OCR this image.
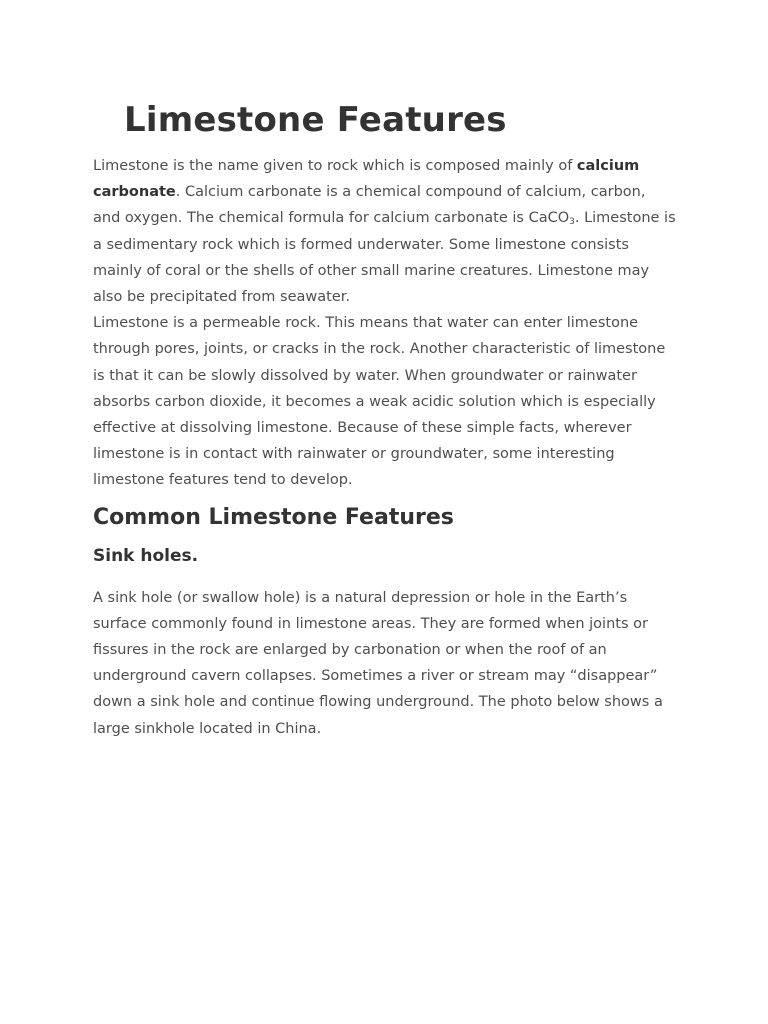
Limestone Features

Limestone is the name given to rock which is composed mainly of calcium carbonate. Calcium carbonate is a chemical compound of calcium, carbon, and oxygen. The chemical formula for calcium carbonate is CaCO$_3$. Limestone is a sedimentary rock which is formed underwater. Some limestone consists mainly of coral or the shells of other small marine creatures. Limestone may also be precipitated from seawater.

Limestone is a permeable rock. This means that water can enter limestone through pores, joints, or cracks in the rock. Another characteristic of limestone is that it can be slowly dissolved by water. When groundwater or rainwater absorbs carbon dioxide, it becomes a weak acidic solution which is especially effective at dissolving limestone. Because of these simple facts, wherever limestone is in contact with rainwater or groundwater, some interesting limestone features tend to develop.

Common Limestone Features
Sink holes.

A sink hole (or swallow hole) is a natural depression or hole in the Earth’s surface commonly found in limestone areas. They are formed when joints or fissures in the rock are enlarged by carbonation or when the roof of an underground cavern collapses. Sometimes a river or stream may “disappear” down a sink hole and continue flowing underground. The photo below shows a large sinkhole located in China.
